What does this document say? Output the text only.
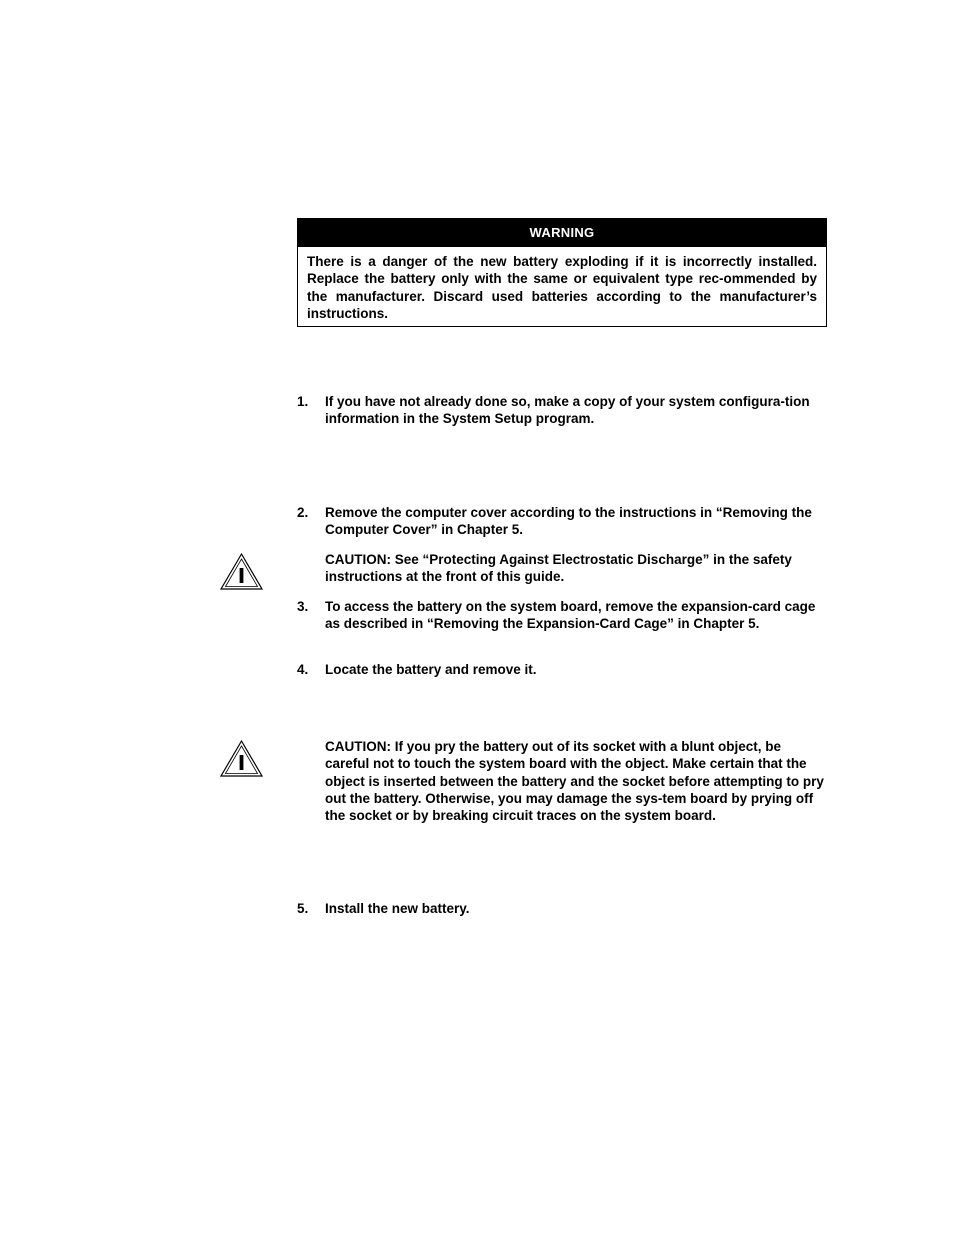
WARNING
There is a danger of the new battery exploding if it is incorrectly installed. Replace the battery only with the same or equivalent type rec-ommended by the manufacturer. Discard used batteries according to the manufacturer’s instructions.
1. If you have not already done so, make a copy of your system configura-tion information in the System Setup program.
2. Remove the computer cover according to the instructions in “Removing the Computer Cover” in Chapter 5.
CAUTION: See “Protecting Against Electrostatic Discharge” in the safety instructions at the front of this guide.
3. To access the battery on the system board, remove the expansion-card cage as described in “Removing the Expansion-Card Cage” in Chapter 5.
4. Locate the battery and remove it.
CAUTION: If you pry the battery out of its socket with a blunt object, be careful not to touch the system board with the object. Make certain that the object is inserted between the battery and the socket before attempting to pry out the battery. Otherwise, you may damage the sys-tem board by prying off the socket or by breaking circuit traces on the system board.
5. Install the new battery.
